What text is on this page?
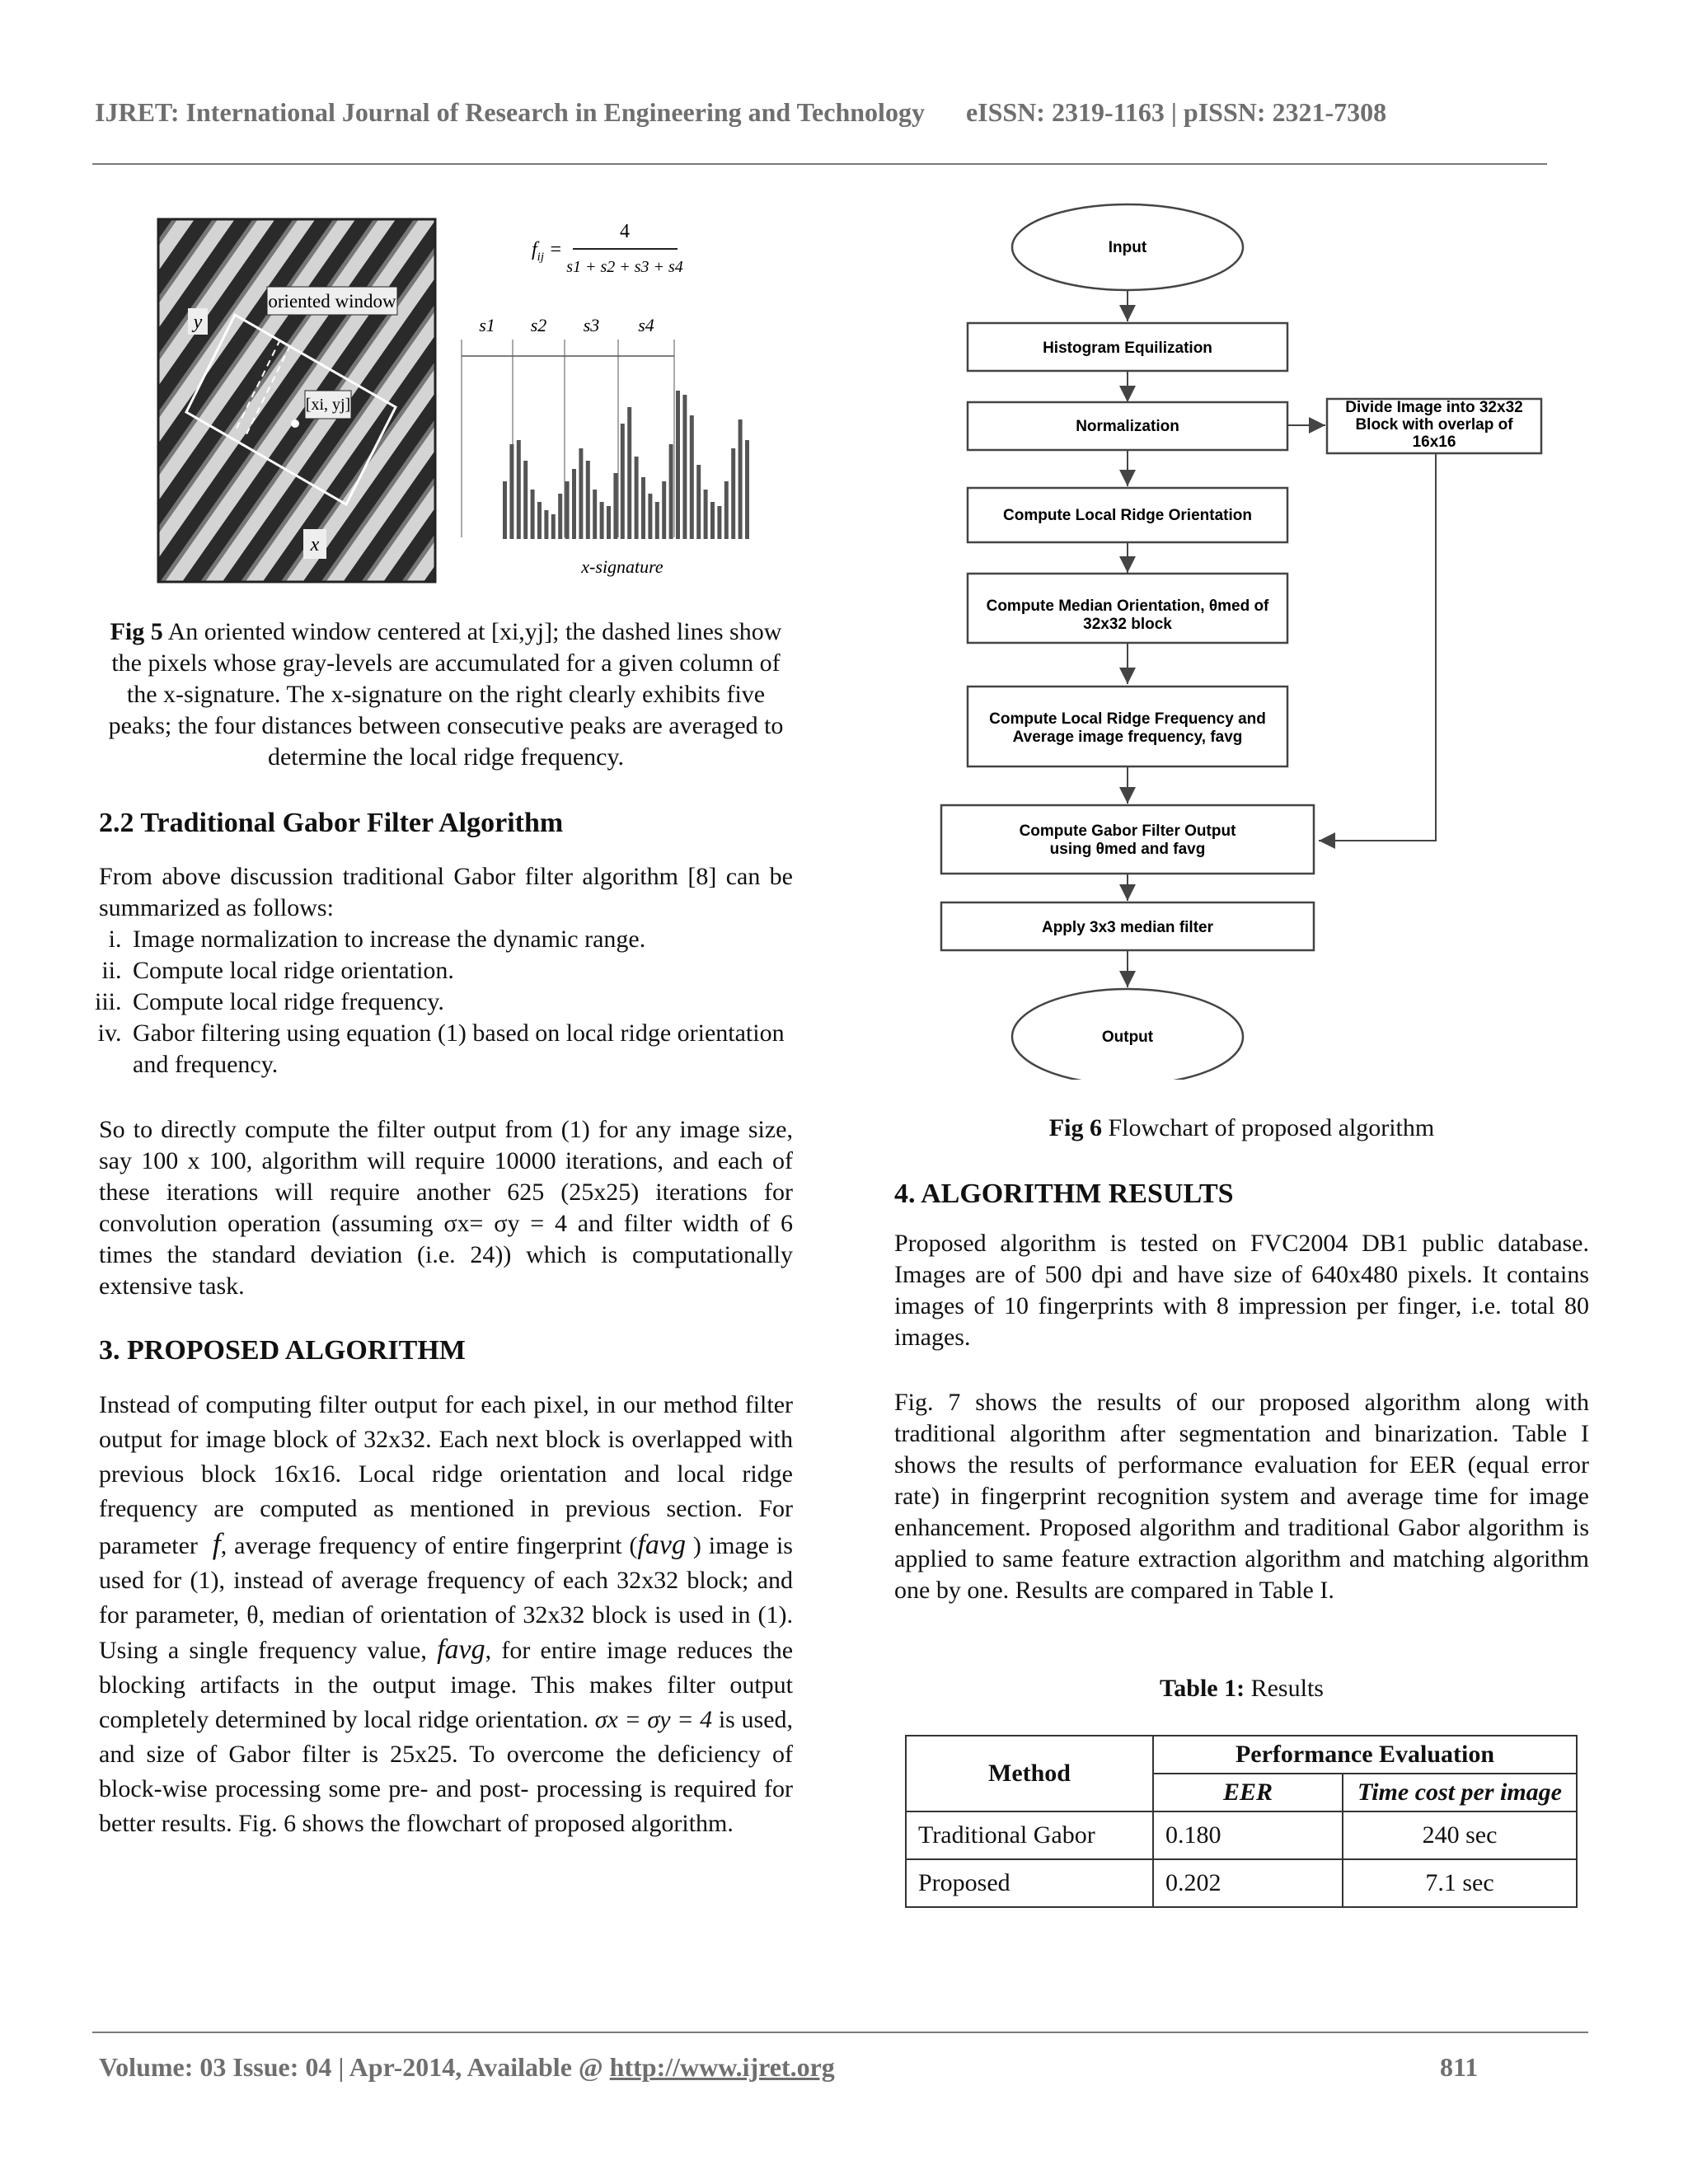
IJRET: International Journal of Research in Engineering and Technology eISSN: 2319-1163 | pISSN: 2321-7308
oriented window
y
[xi, yj]
x
$f_{ij}$ =
4
s1 + s2 + s3 + s4
s1 s2 s3 s4
x-signature
Fig 5 An oriented window centered at [xi,yj]; the dashed lines show the pixels whose gray-levels are accumulated for a given column of the x-signature. The x-signature on the right clearly exhibits five peaks; the four distances between consecutive peaks are averaged to determine the local ridge frequency.
2.2 Traditional Gabor Filter Algorithm
From above discussion traditional Gabor filter algorithm [8] can be summarized as follows:
i. Image normalization to increase the dynamic range.
ii. Compute local ridge orientation.
iii. Compute local ridge frequency.
iv. Gabor filtering using equation (1) based on local ridge orientation and frequency.
So to directly compute the filter output from (1) for any image size, say 100 x 100, algorithm will require 10000 iterations, and each of these iterations will require another 625 (25x25) iterations for convolution operation (assuming σx= σy = 4 and filter width of 6 times the standard deviation (i.e. 24)) which is computationally extensive task.
3. PROPOSED ALGORITHM
Instead of computing filter output for each pixel, in our method filter output for image block of 32x32. Each next block is overlapped with previous block 16x16. Local ridge orientation and local ridge frequency are computed as mentioned in previous section. For parameter f, average frequency of entire fingerprint (favg ) image is used for (1), instead of average frequency of each 32x32 block; and for parameter, θ, median of orientation of 32x32 block is used in (1). Using a single frequency value, favg, for entire image reduces the blocking artifacts in the output image. This makes filter output completely determined by local ridge orientation. σx = σy = 4 is used, and size of Gabor filter is 25x25. To overcome the deficiency of block-wise processing some pre- and post- processing is required for better results. Fig. 6 shows the flowchart of proposed algorithm.
Input
Histogram Equilization
Normalization
Divide Image into 32x32
Block with overlap of
16x16
Compute Local Ridge Orientation
Compute Median Orientation, θmed of
32x32 block
Compute Local Ridge Frequency and
Average image frequency, favg
Compute Gabor Filter Output
using θmed and favg
Apply 3x3 median filter
Output
Fig 6 Flowchart of proposed algorithm
4. ALGORITHM RESULTS
Proposed algorithm is tested on FVC2004 DB1 public database. Images are of 500 dpi and have size of 640x480 pixels. It contains images of 10 fingerprints with 8 impression per finger, i.e. total 80 images.
Fig. 7 shows the results of our proposed algorithm along with traditional algorithm after segmentation and binarization. Table I shows the results of performance evaluation for EER (equal error rate) in fingerprint recognition system and average time for image enhancement. Proposed algorithm and traditional Gabor algorithm is applied to same feature extraction algorithm and matching algorithm one by one. Results are compared in Table I.
Table 1: Results
Method	Performance Evaluation	
	EER	Time cost per image
Traditional Gabor	0.180	240 sec
Proposed	0.202	7.1 sec
Volume: 03 Issue: 04 | Apr-2014, Available @ http://www.ijret.org	811
